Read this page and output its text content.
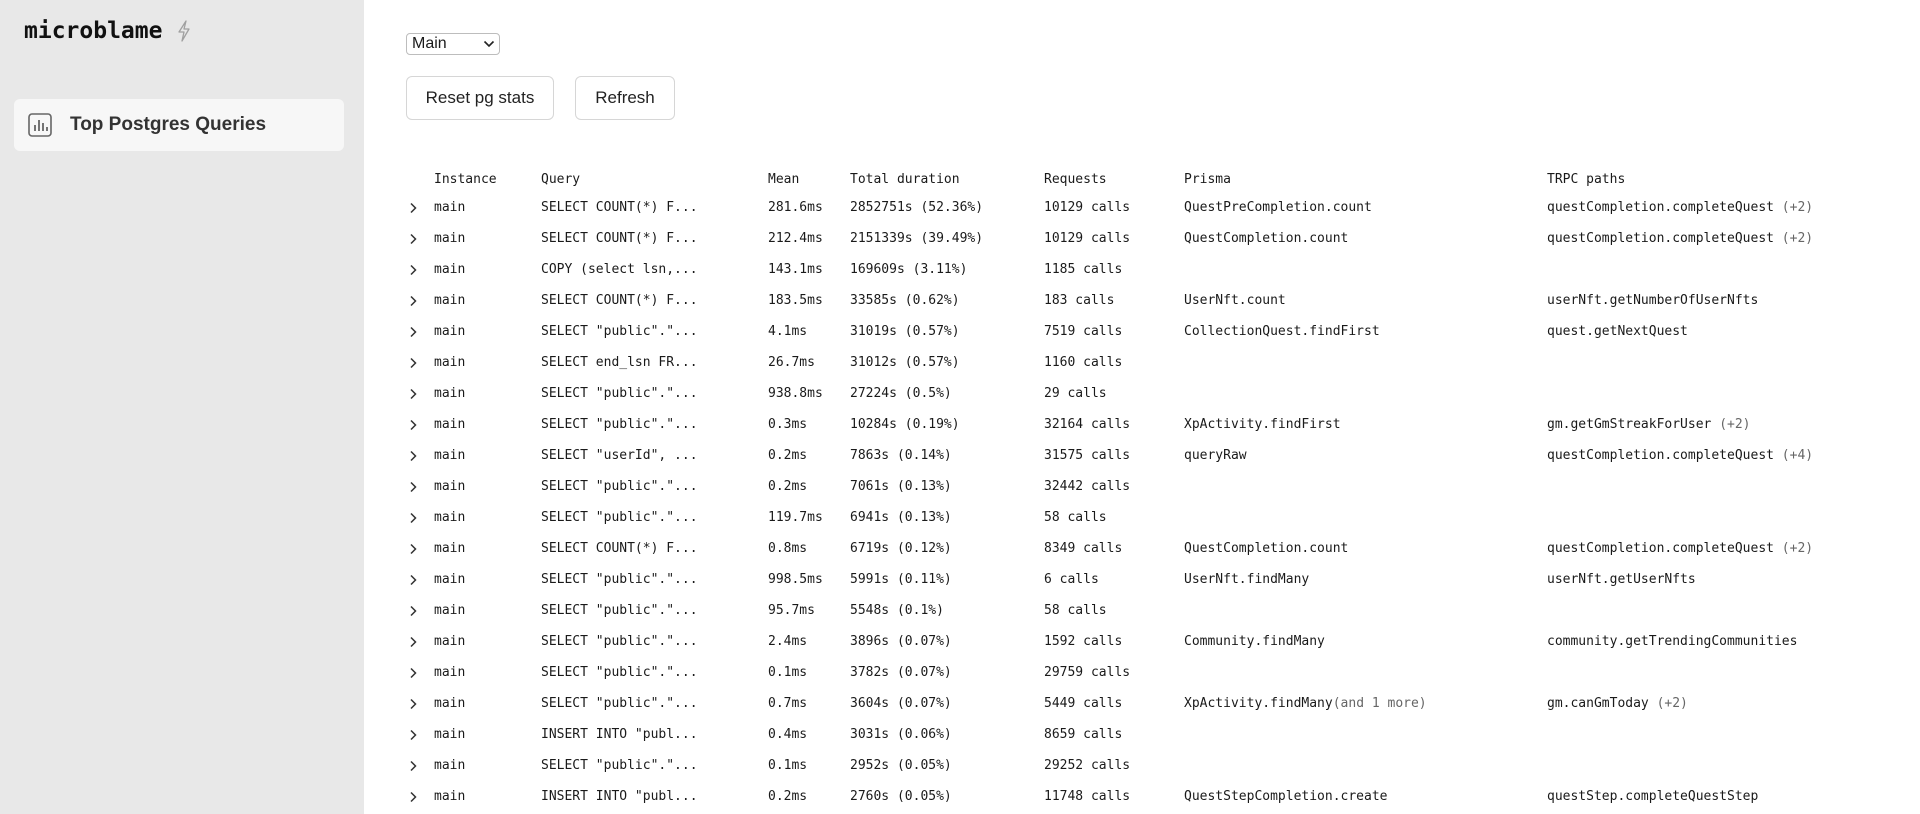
microblame
Top Postgres Queries
Main
Reset pg stats	Refresh
	Instance	Query	Mean	Total duration	Requests	Prisma	TRPC paths
	main	SELECT COUNT(*) F...	281.6ms	2852751s (52.36%)	10129 calls	QuestPreCompletion.count	questCompletion.completeQuest (+2)
	main	SELECT COUNT(*) F...	212.4ms	2151339s (39.49%)	10129 calls	QuestCompletion.count	questCompletion.completeQuest (+2)
	main	COPY (select lsn,...	143.1ms	169609s (3.11%)	1185 calls		
	main	SELECT COUNT(*) F...	183.5ms	33585s (0.62%)	183 calls	UserNft.count	userNft.getNumberOfUserNfts
	main	SELECT "public"."...	4.1ms	31019s (0.57%)	7519 calls	CollectionQuest.findFirst	quest.getNextQuest
	main	SELECT end_lsn FR...	26.7ms	31012s (0.57%)	1160 calls		
	main	SELECT "public"."...	938.8ms	27224s (0.5%)	29 calls		
	main	SELECT "public"."...	0.3ms	10284s (0.19%)	32164 calls	XpActivity.findFirst	gm.getGmStreakForUser (+2)
	main	SELECT "userId", ...	0.2ms	7863s (0.14%)	31575 calls	queryRaw	questCompletion.completeQuest (+4)
	main	SELECT "public"."...	0.2ms	7061s (0.13%)	32442 calls		
	main	SELECT "public"."...	119.7ms	6941s (0.13%)	58 calls		
	main	SELECT COUNT(*) F...	0.8ms	6719s (0.12%)	8349 calls	QuestCompletion.count	questCompletion.completeQuest (+2)
	main	SELECT "public"."...	998.5ms	5991s (0.11%)	6 calls	UserNft.findMany	userNft.getUserNfts
	main	SELECT "public"."...	95.7ms	5548s (0.1%)	58 calls		
	main	SELECT "public"."...	2.4ms	3896s (0.07%)	1592 calls	Community.findMany	community.getTrendingCommunities
	main	SELECT "public"."...	0.1ms	3782s (0.07%)	29759 calls		
	main	SELECT "public"."...	0.7ms	3604s (0.07%)	5449 calls	XpActivity.findMany(and 1 more)	gm.canGmToday (+2)
	main	INSERT INTO "publ...	0.4ms	3031s (0.06%)	8659 calls		
	main	SELECT "public"."...	0.1ms	2952s (0.05%)	29252 calls		
	main	INSERT INTO "publ...	0.2ms	2760s (0.05%)	11748 calls	QuestStepCompletion.create	questStep.completeQuestStep
